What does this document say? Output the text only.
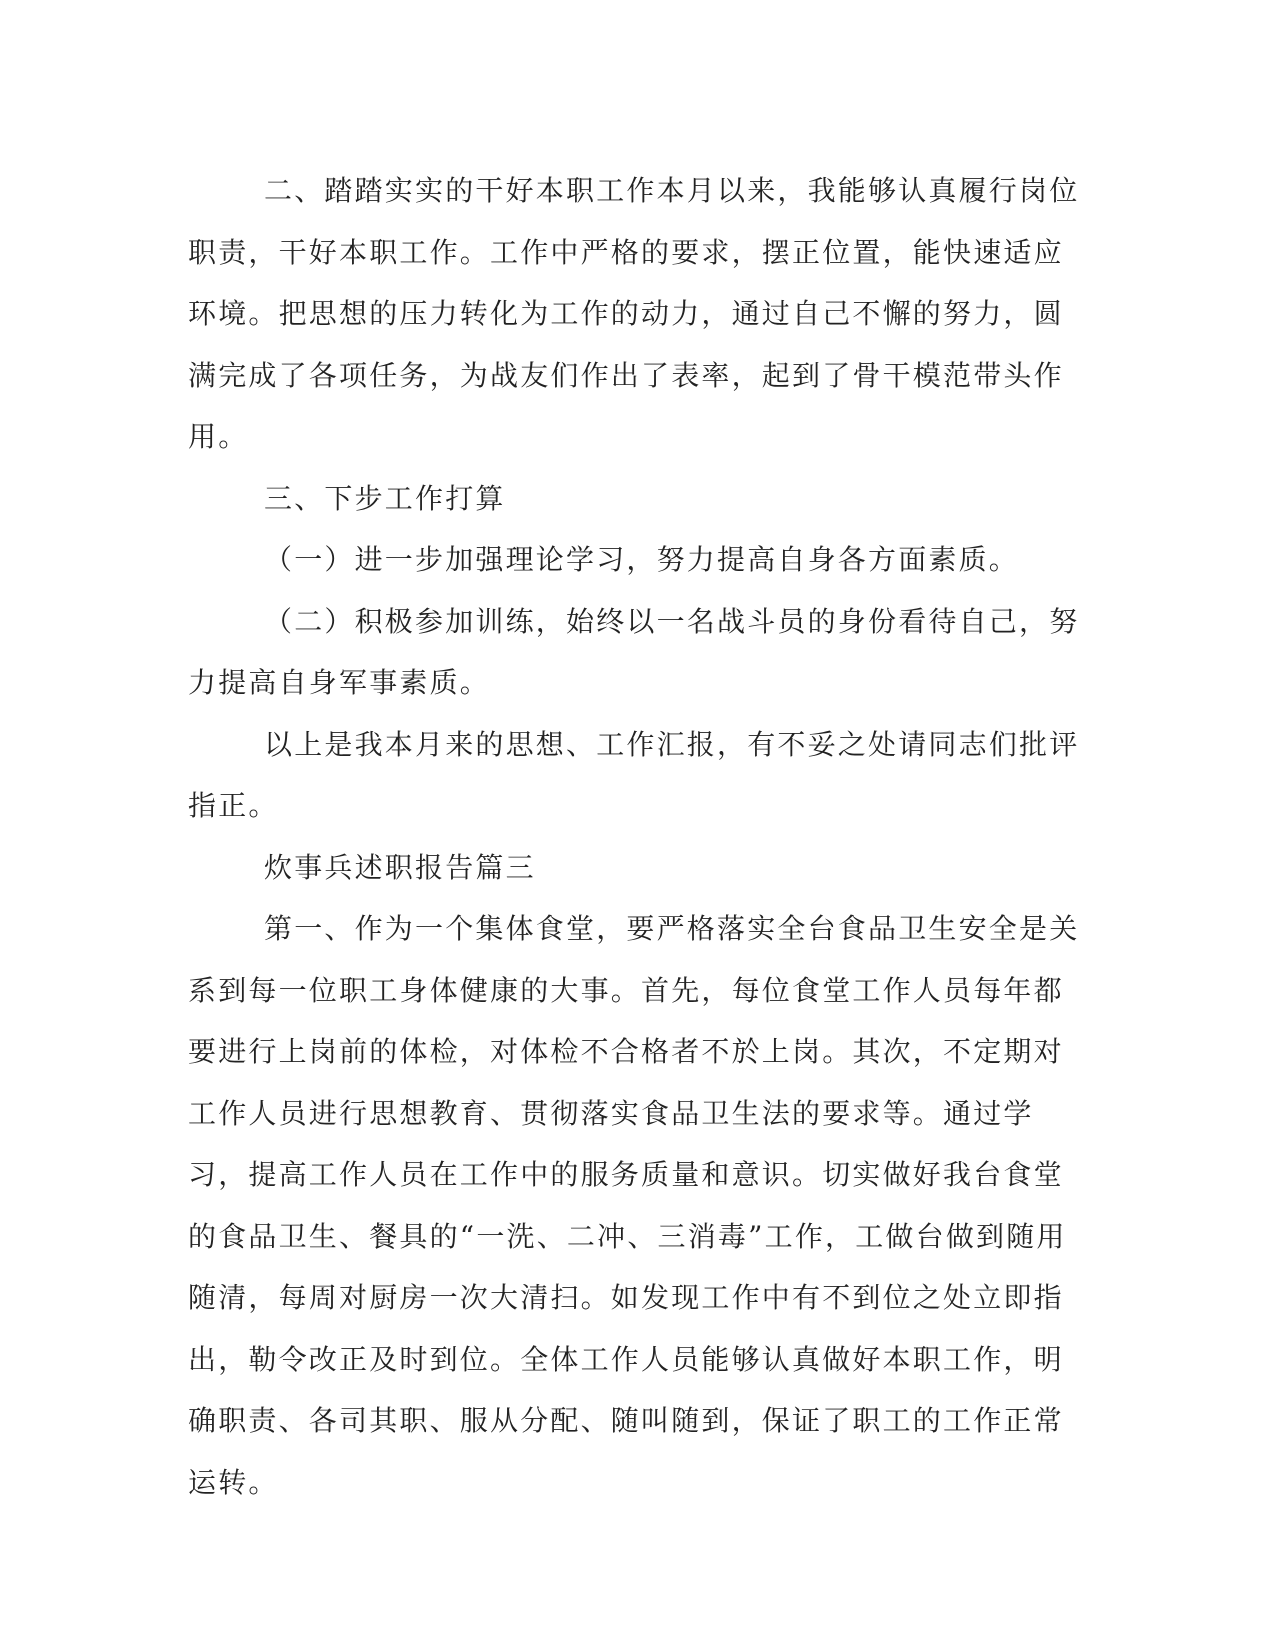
二、踏踏实实的干好本职工作本月以来，我能够认真履行岗位职责，干好本职工作。工作中严格的要求，摆正位置，能快速适应环境。把思想的压力转化为工作的动力，通过自己不懈的努力，圆满完成了各项任务，为战友们作出了表率，起到了骨干模范带头作用。

三、下步工作打算

（一）进一步加强理论学习，努力提高自身各方面素质。

（二）积极参加训练，始终以一名战斗员的身份看待自己，努力提高自身军事素质。

以上是我本月来的思想、工作汇报，有不妥之处请同志们批评指正。

炊事兵述职报告篇三

第一、作为一个集体食堂，要严格落实全台食品卫生安全是关系到每一位职工身体健康的大事。首先，每位食堂工作人员每年都要进行上岗前的体检，对体检不合格者不於上岗。其次，不定期对工作人员进行思想教育、贯彻落实食品卫生法的要求等。通过学习，提高工作人员在工作中的服务质量和意识。切实做好我台食堂的食品卫生、餐具的“一洗、二冲、三消毒”工作，工做台做到随用随清，每周对厨房一次大清扫。如发现工作中有不到位之处立即指出，勒令改正及时到位。全体工作人员能够认真做好本职工作，明确职责、各司其职、服从分配、随叫随到，保证了职工的工作正常运转。
